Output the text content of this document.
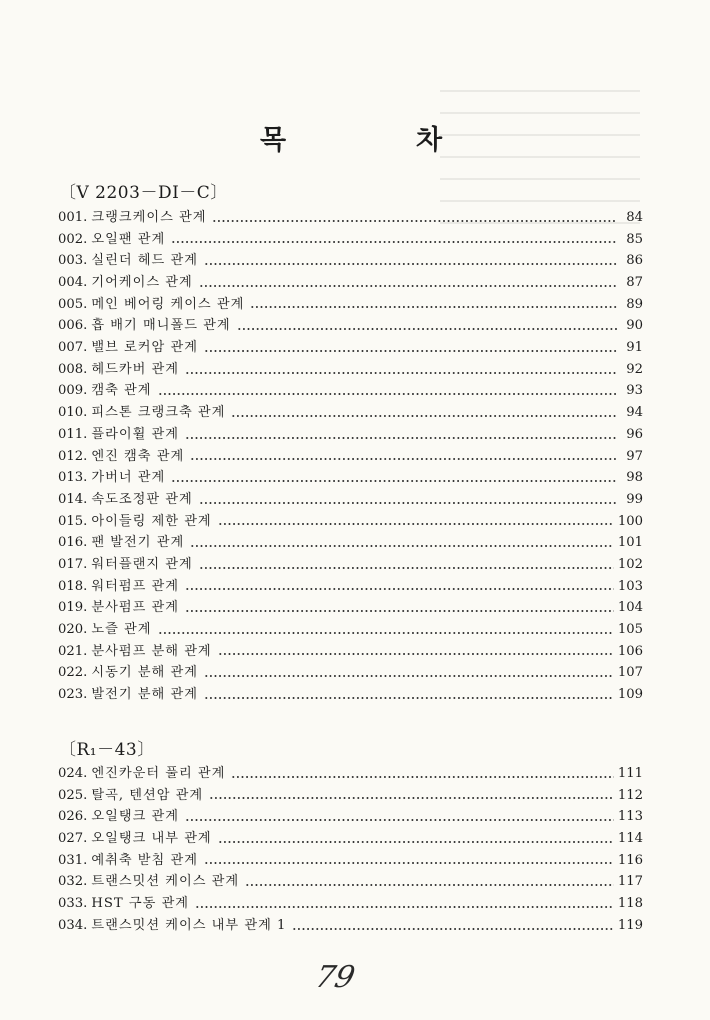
목	차
〔V 2203－DI－C〕
001. 크랭크케이스 관계	84
002. 오일팬 관계	85
003. 실린더 헤드 관계	86
004. 기어케이스 관계	87
005. 메인 베어링 케이스 관계	89
006. 흡 배기 매니폴드 관계	90
007. 밸브 로커암 관계	91
008. 헤드카버 관계	92
009. 캠축 관계	93
010. 피스톤 크랭크축 관계	94
011. 플라이휠 관계	96
012. 엔진 캠축 관계	97
013. 가버너 관계	98
014. 속도조정판 관계	99
015. 아이들링 제한 관계	100
016. 팬 발전기 관계	101
017. 워터플랜지 관계	102
018. 워터펌프 관계	103
019. 분사펌프 관계	104
020. 노즐 관계	105
021. 분사펌프 분해 관계	106
022. 시동기 분해 관계	107
023. 발전기 분해 관계	109
〔R₁－43〕
024. 엔진카운터 풀리 관계	111
025. 탈곡, 텐션암 관계	112
026. 오일탱크 관계	113
027. 오일탱크 내부 관계	114
031. 예취축 받침 관계	116
032. 트랜스밋션 케이스 관계	117
033. HST 구동 관계	118
034. 트랜스밋션 케이스 내부 관계 1	119
79
